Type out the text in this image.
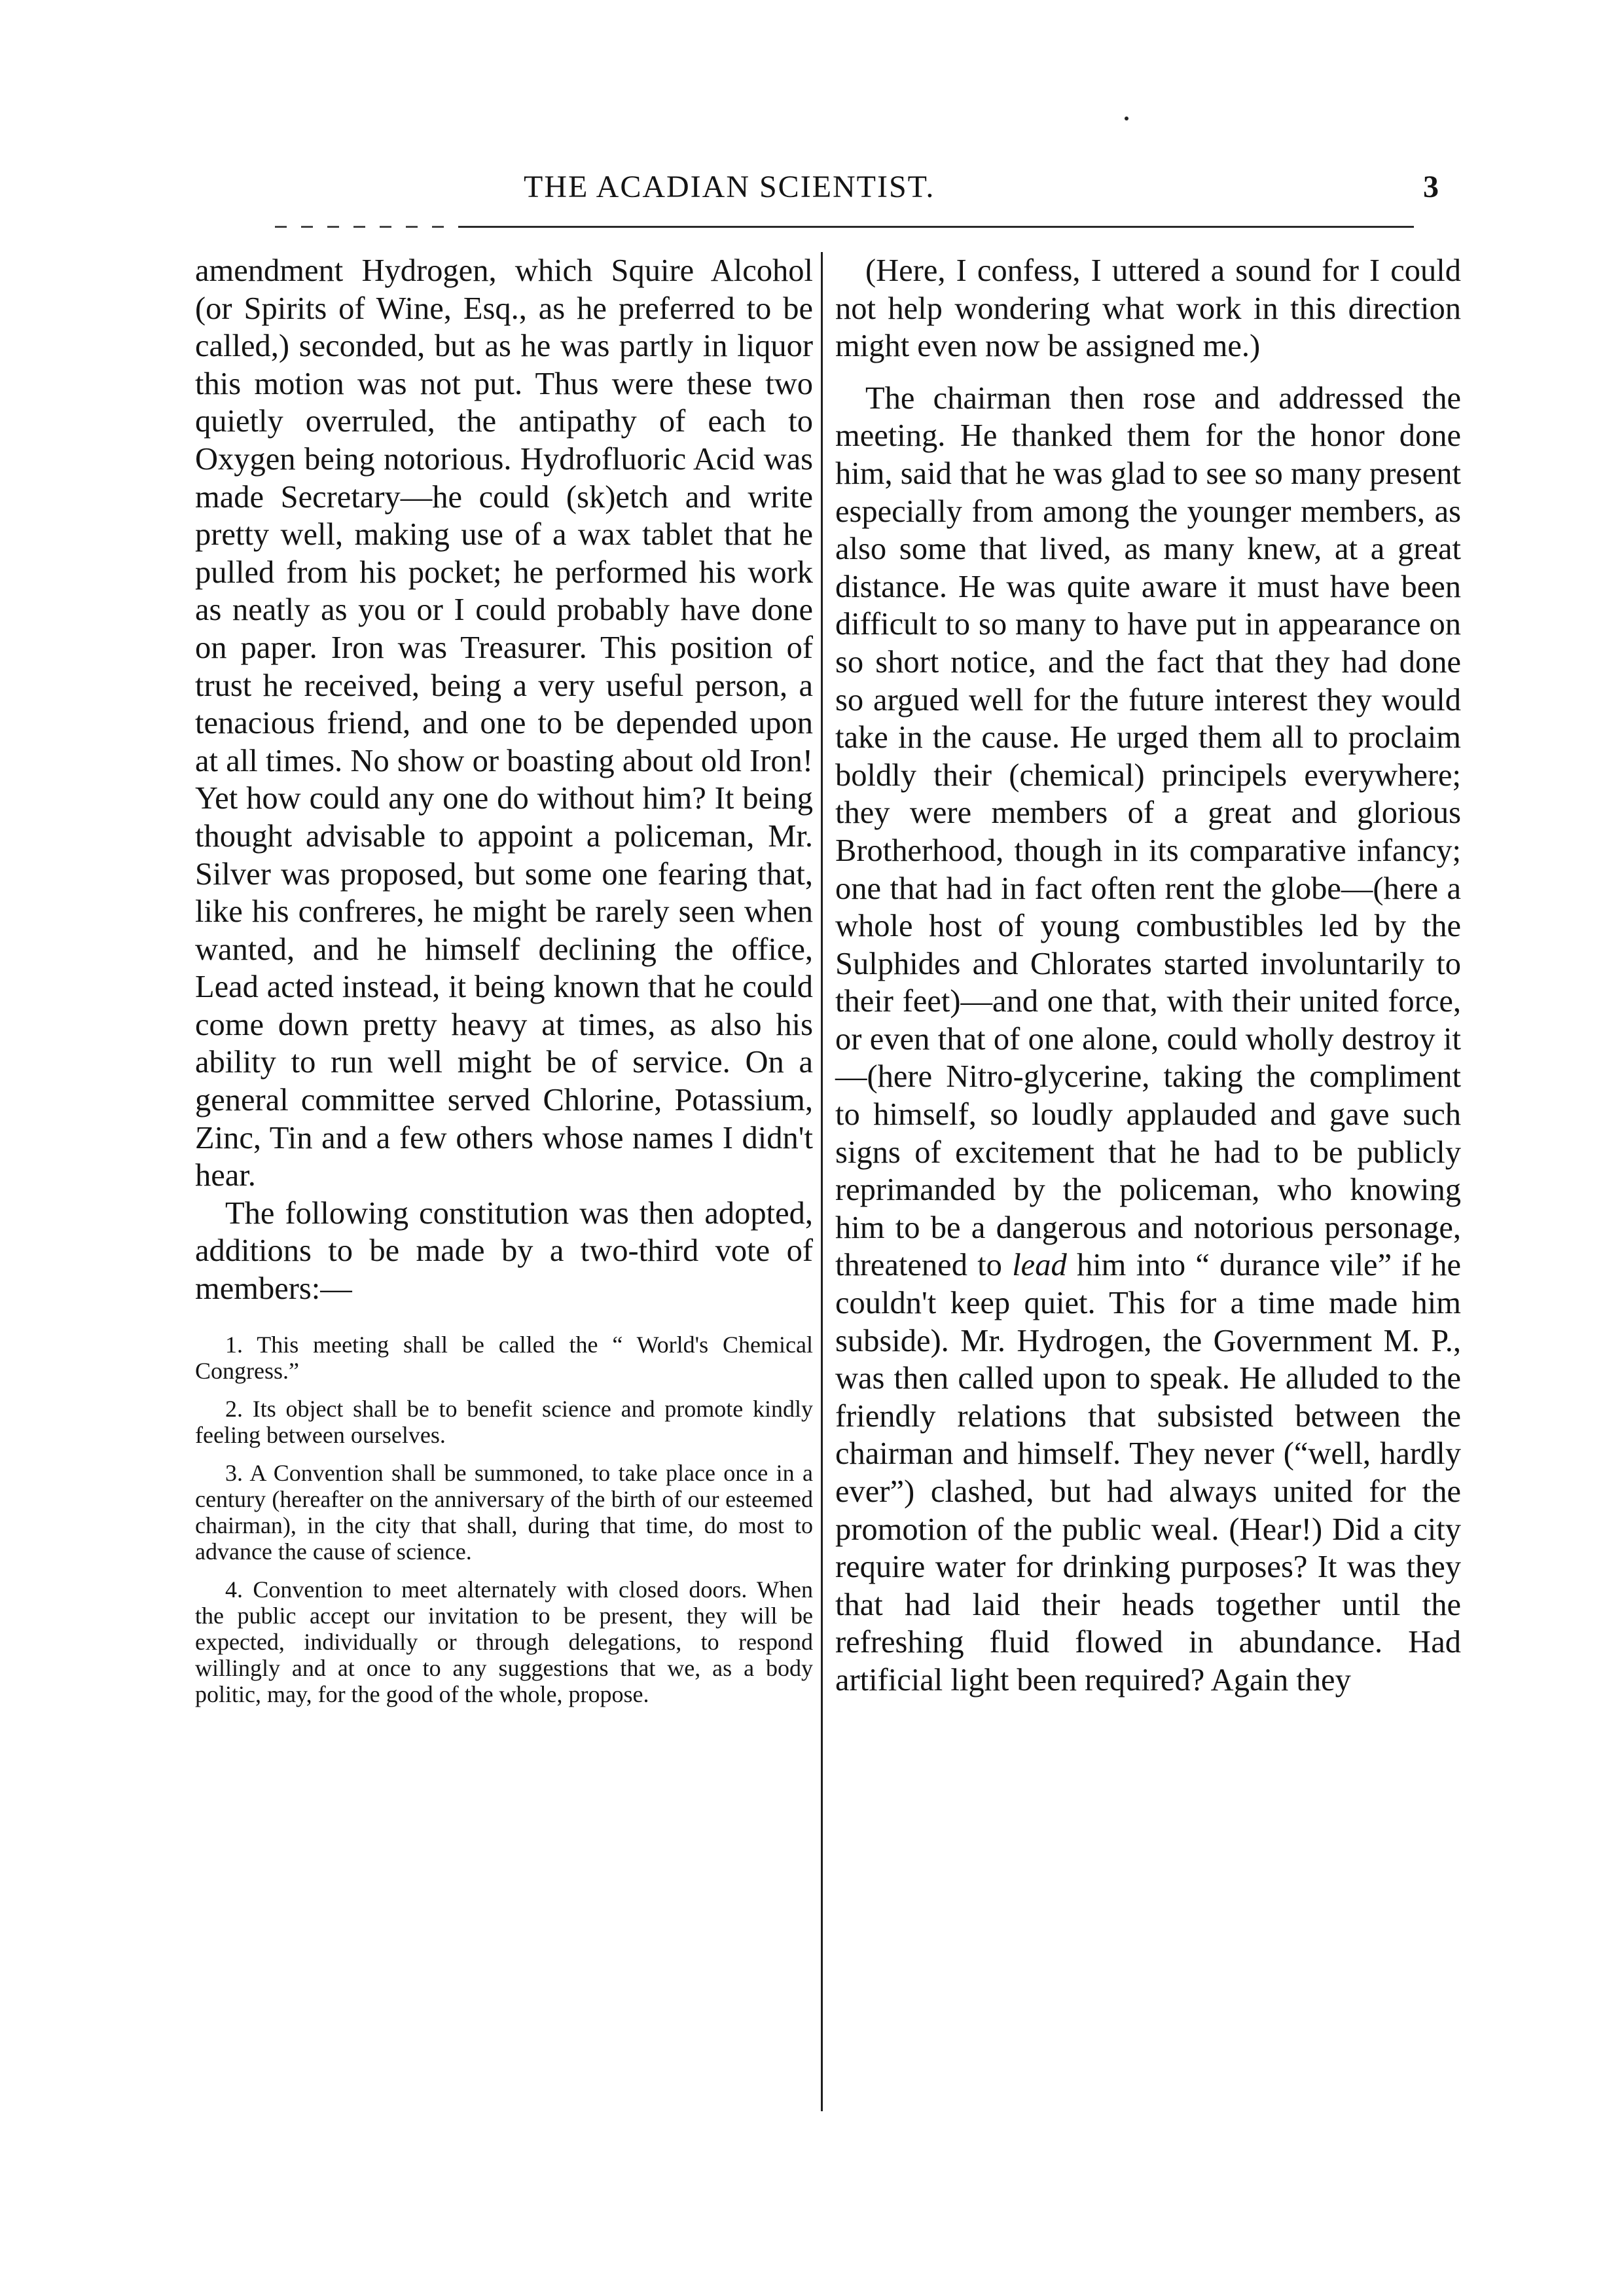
THE ACADIAN SCIENTIST.	3

amendment Hydrogen, which Squire Alcohol (or Spirits of Wine, Esq., as he preferred to be called,) seconded, but as he was partly in liquor this motion was not put. Thus were these two quietly overruled, the antipathy of each to Oxygen being notorious. Hydrofluoric Acid was made Secretary—he could (sk)etch and write pretty well, making use of a wax tablet that he pulled from his pocket; he performed his work as neatly as you or I could probably have done on paper. Iron was Treasurer. This position of trust he received, being a very useful person, a tenacious friend, and one to be depended upon at all times. No show or boasting about old Iron! Yet how could any one do without him? It being thought advisable to appoint a policeman, Mr. Silver was proposed, but some one fearing that, like his confreres, he might be rarely seen when wanted, and he himself declining the office, Lead acted instead, it being known that he could come down pretty heavy at times, as also his ability to run well might be of service. On a general committee served Chlorine, Potassium, Zinc, Tin and a few others whose names I didn't hear.

The following constitution was then adopted, additions to be made by a two-third vote of members:—

1. This meeting shall be called the “ World's Chemical Congress.”

2. Its object shall be to benefit science and promote kindly feeling between ourselves.

3. A Convention shall be summoned, to take place once in a century (hereafter on the anniversary of the birth of our esteemed chairman), in the city that shall, during that time, do most to advance the cause of science.

4. Convention to meet alternately with closed doors. When the public accept our invitation to be present, they will be expected, individually or through delegations, to respond willingly and at once to any suggestions that we, as a body politic, may, for the good of the whole, propose.

(Here, I confess, I uttered a sound for I could not help wondering what work in this direction might even now be assigned me.)

The chairman then rose and addressed the meeting. He thanked them for the honor done him, said that he was glad to see so many present especially from among the younger members, as also some that lived, as many knew, at a great distance. He was quite aware it must have been difficult to so many to have put in appearance on so short notice, and the fact that they had done so argued well for the future interest they would take in the cause. He urged them all to proclaim boldly their (chemical) principels everywhere; they were members of a great and glorious Brotherhood, though in its comparative infancy; one that had in fact often rent the globe—(here a whole host of young combustibles led by the Sulphides and Chlorates started involuntarily to their feet)—and one that, with their united force, or even that of one alone, could wholly destroy it—(here Nitro-glycerine, taking the compliment to himself, so loudly applauded and gave such signs of excitement that he had to be publicly reprimanded by the policeman, who knowing him to be a dangerous and notorious personage, threatened to lead him into “ durance vile” if he couldn't keep quiet. This for a time made him subside). Mr. Hydrogen, the Government M. P., was then called upon to speak. He alluded to the friendly relations that subsisted between the chairman and himself. They never (“well, hardly ever”) clashed, but had always united for the promotion of the public weal. (Hear!) Did a city require water for drinking purposes? It was they that had laid their heads together until the refreshing fluid flowed in abundance. Had artificial light been required? Again they
